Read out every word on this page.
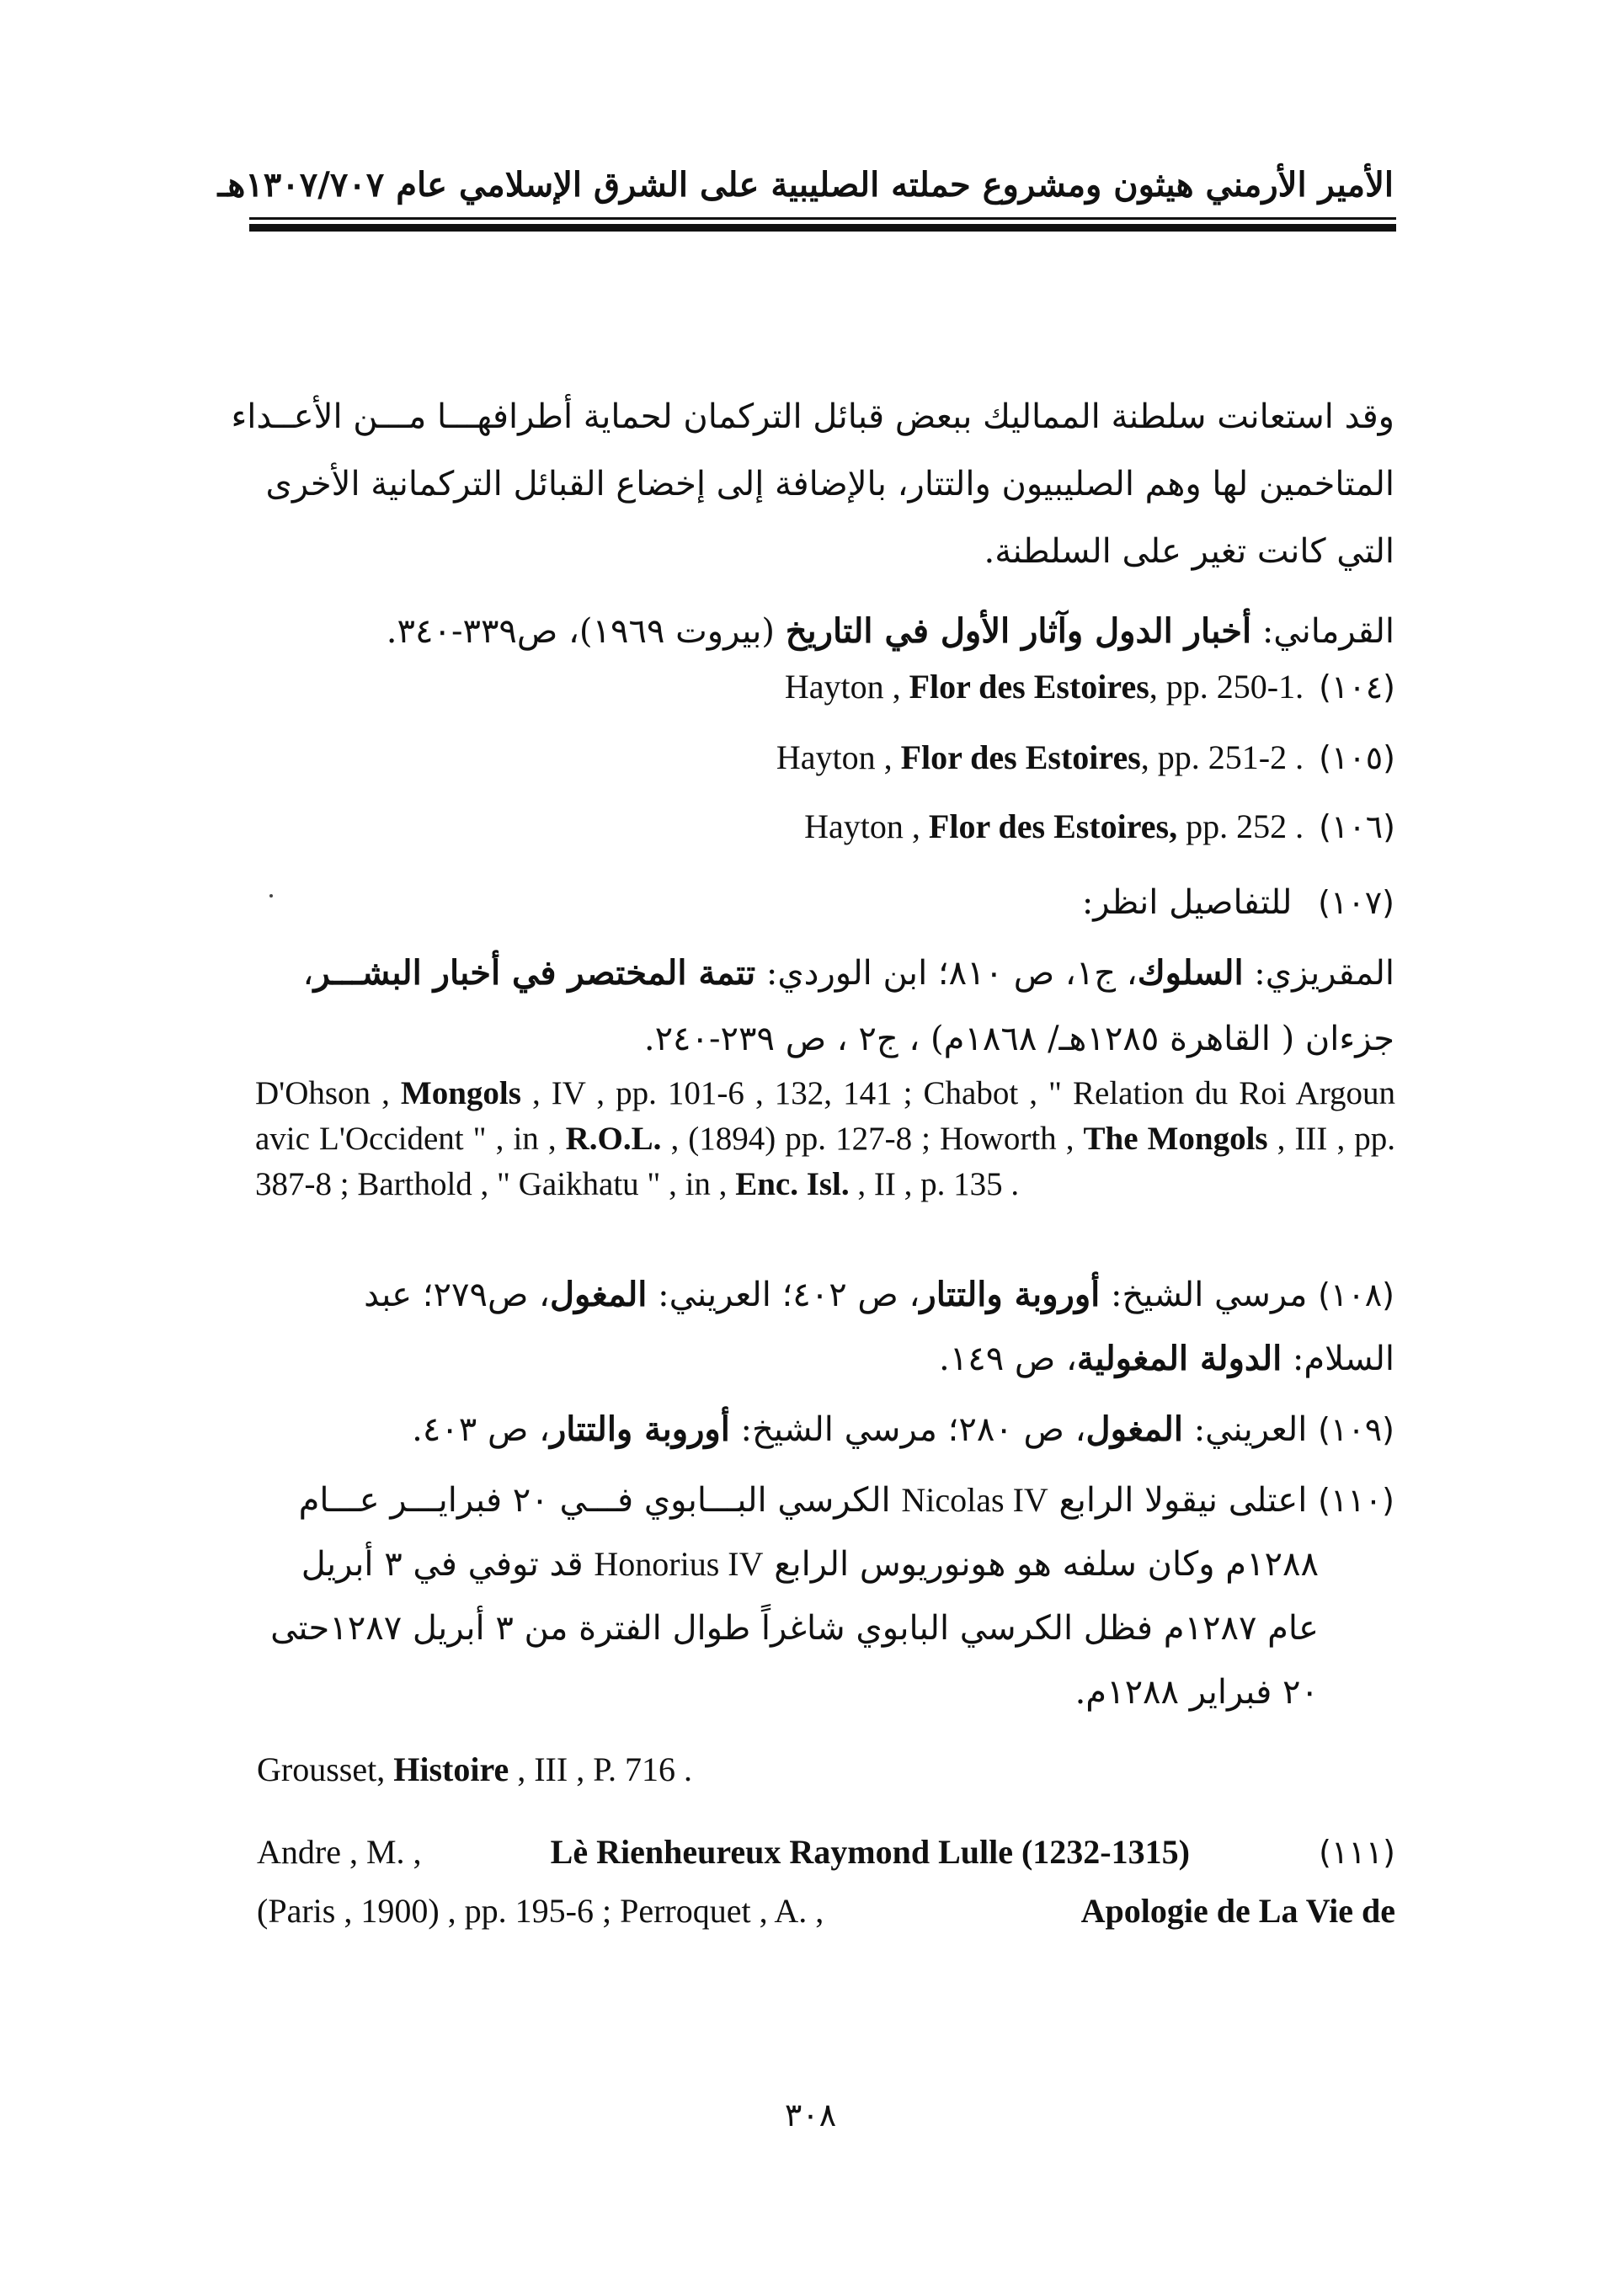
الأمير الأرمني هيثون ومشروع حملته الصليبية على الشرق الإسلامي عام ١٣٠٧/٧٠٧هـ
وقد استعانت سلطنة المماليك ببعض قبائل التركمان لحماية أطرافهـــا مـــن الأعــداء
المتاخمين لها وهم الصليبيون والتتار، بالإضافة إلى إخضاع القبائل التركمانية الأخرى
التي كانت تغير على السلطنة.
القرماني: أخبار الدول وآثار الأول في التاريخ (بيروت ١٩٦٩)، ص٣٣٩-٣٤٠.
Hayton , Flor des Estoires, pp. 250-1. (١٠٤)
Hayton , Flor des Estoires, pp. 251-2 . (١٠٥)
Hayton , Flor des Estoires, pp. 252 . (١٠٦)
(١٠٧) للتفاصيل انظر:
المقريزي: السلوك، ج١، ص ٨١٠؛ ابن الوردي: تتمة المختصر في أخبار البشـــر،
جزءان ( القاهرة ١٢٨٥هـ/ ١٨٦٨م) ، ج٢ ، ص ٢٣٩-٢٤٠.
D'Ohson , Mongols , IV , pp. 101-6 , 132, 141 ; Chabot , " Relation du Roi Argoun avic L'Occident " , in , R.O.L. , (1894) pp. 127-8 ; Howorth , The Mongols , III , pp. 387-8 ; Barthold , " Gaikhatu " , in , Enc. Isl. , II , p. 135 .
(١٠٨) مرسي الشيخ: أوروبة والتتار، ص ٤٠٢؛ العريني: المغول، ص٢٧٩؛ عبد
السلام: الدولة المغولية، ص ١٤٩.
(١٠٩) العريني: المغول، ص ٢٨٠؛ مرسي الشيخ: أوروبة والتتار، ص ٤٠٣.
(١١٠) اعتلى نيقولا الرابع Nicolas IV الكرسي البـــابوي فـــي ٢٠ فبرايـــر عـــام
١٢٨٨م وكان سلفه هو هونوريوس الرابع Honorius IV قد توفي في ٣ أبريل
عام ١٢٨٧م فظل الكرسي البابوي شاغراً طوال الفترة من ٣ أبريل ١٢٨٧حتى
٢٠ فبراير ١٢٨٨م.
Grousset, Histoire , III , P. 716 .
Andre , M. ,	Lè Rienheureux Raymond Lulle (1232-1315)	(١١١)
(Paris , 1900) , pp. 195-6 ; Perroquet , A. ,	Apologie de La Vie de
٣٠٨
